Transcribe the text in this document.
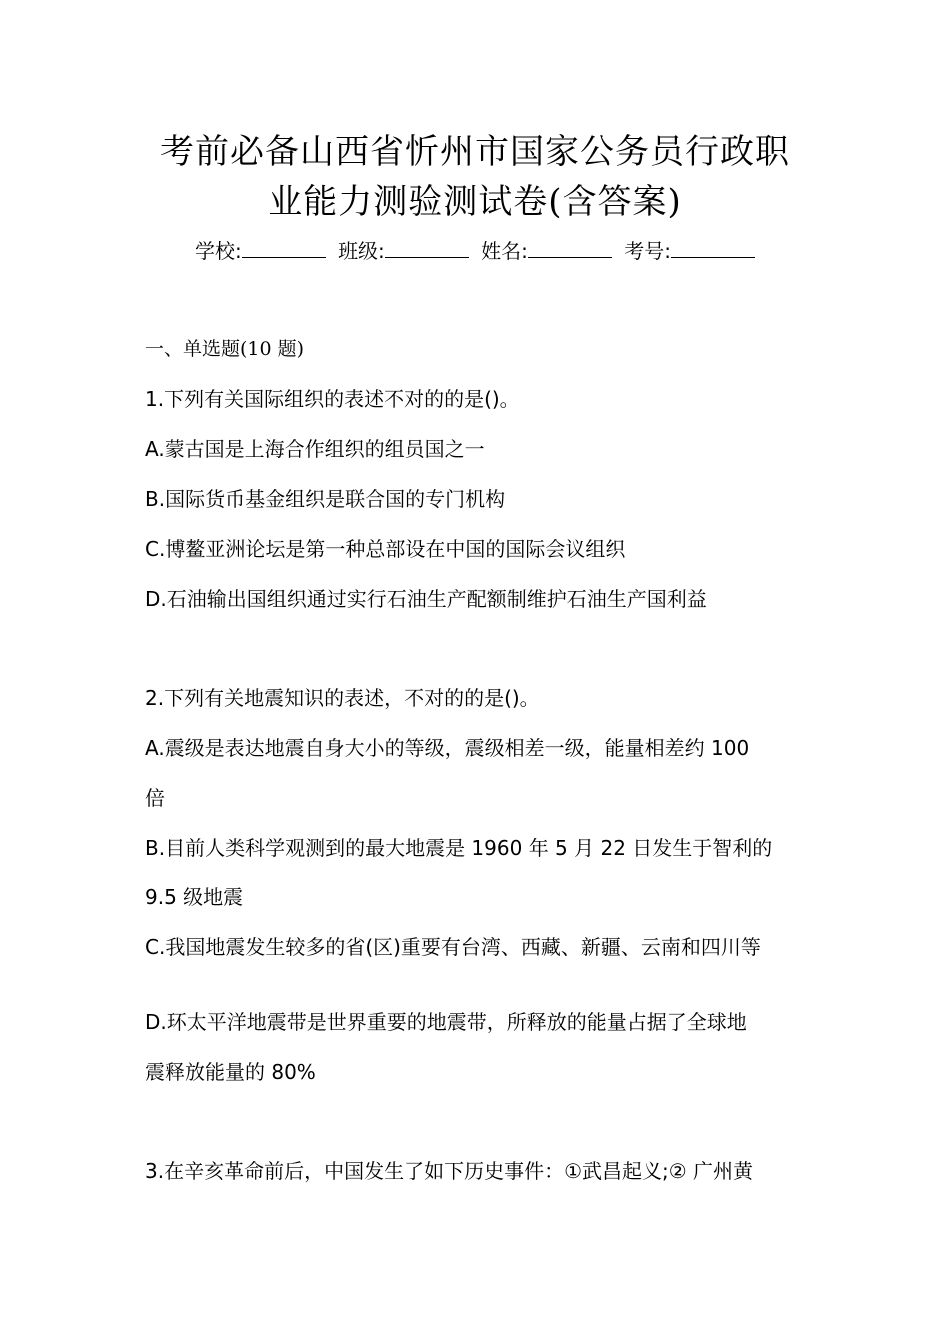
考前必备山西省忻州市国家公务员行政职
业能力测验测试卷(含答案)
学校:	班级:	姓名:	考号:
一、单选题(10 题)
1.下列有关国际组织的表述不对的的是()。
A.蒙古国是上海合作组织的组员国之一
B.国际货币基金组织是联合国的专门机构
C.博鳌亚洲论坛是第一种总部设在中国的国际会议组织
D.石油输出国组织通过实行石油生产配额制维护石油生产国利益
2.下列有关地震知识的表述，不对的的是()。
A.震级是表达地震自身大小的等级，震级相差一级，能量相差约 100
倍
B.目前人类科学观测到的最大地震是 1960 年 5 月 22 日发生于智利的
9.5 级地震
C.我国地震发生较多的省(区)重要有台湾、西藏、新疆、云南和四川等
D.环太平洋地震带是世界重要的地震带，所释放的能量占据了全球地
震释放能量的 80%
3.在辛亥革命前后，中国发生了如下历史事件：①武昌起义;② 广州黄
